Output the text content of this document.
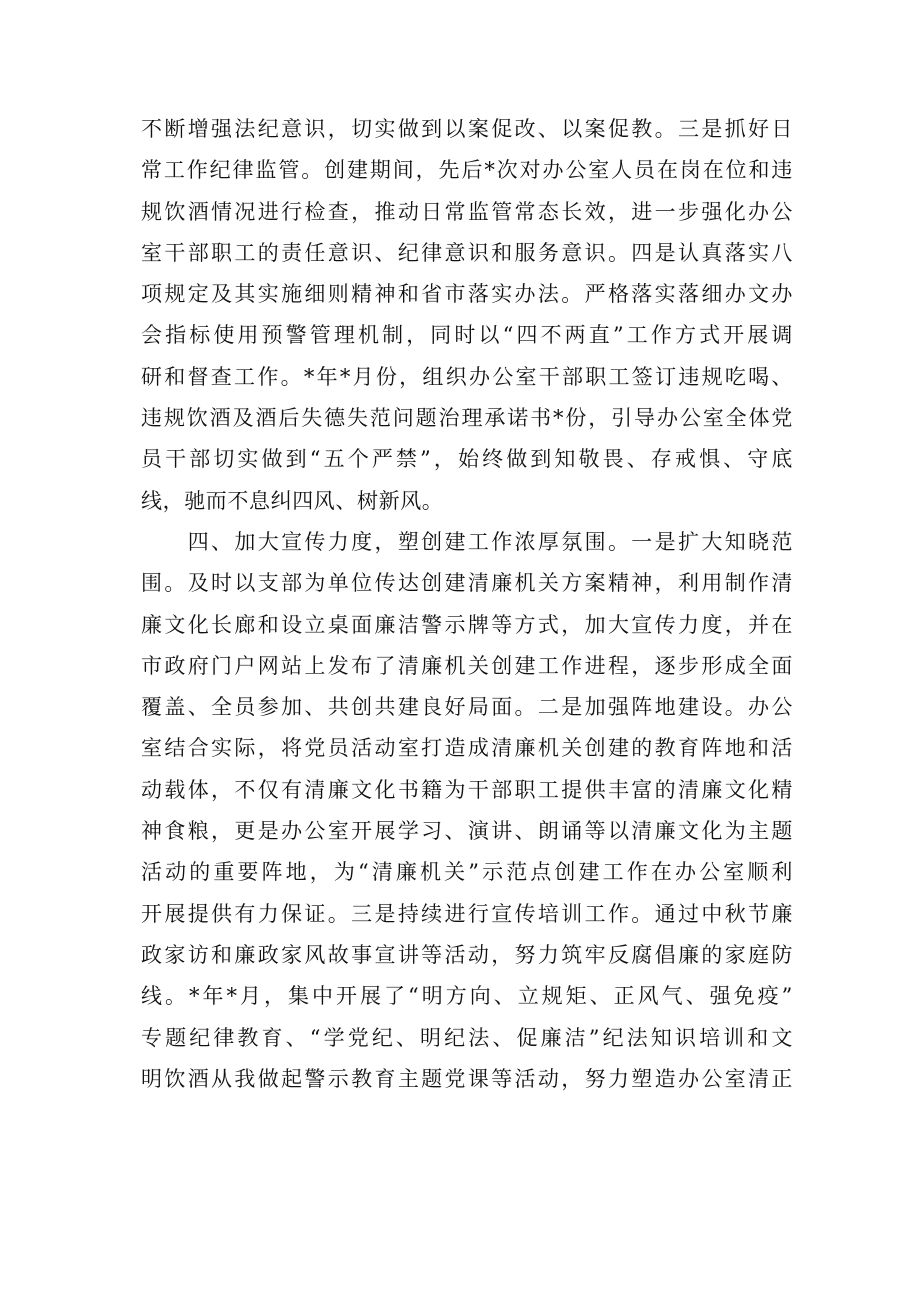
不断增强法纪意识，切实做到以案促改、以案促教。三是抓好日
常工作纪律监管。创建期间，先后*次对办公室人员在岗在位和违
规饮酒情况进行检查，推动日常监管常态长效，进一步强化办公
室干部职工的责任意识、纪律意识和服务意识。四是认真落实八
项规定及其实施细则精神和省市落实办法。严格落实落细办文办
会指标使用预警管理机制，同时以“四不两直”工作方式开展调
研和督查工作。*年*月份，组织办公室干部职工签订违规吃喝、
违规饮酒及酒后失德失范问题治理承诺书*份，引导办公室全体党
员干部切实做到“五个严禁”，始终做到知敬畏、存戒惧、守底
线，驰而不息纠四风、树新风。
　　四、加大宣传力度，塑创建工作浓厚氛围。一是扩大知晓范
围。及时以支部为单位传达创建清廉机关方案精神，利用制作清
廉文化长廊和设立桌面廉洁警示牌等方式，加大宣传力度，并在
市政府门户网站上发布了清廉机关创建工作进程，逐步形成全面
覆盖、全员参加、共创共建良好局面。二是加强阵地建设。办公
室结合实际，将党员活动室打造成清廉机关创建的教育阵地和活
动载体，不仅有清廉文化书籍为干部职工提供丰富的清廉文化精
神食粮，更是办公室开展学习、演讲、朗诵等以清廉文化为主题
活动的重要阵地，为“清廉机关”示范点创建工作在办公室顺利
开展提供有力保证。三是持续进行宣传培训工作。通过中秋节廉
政家访和廉政家风故事宣讲等活动，努力筑牢反腐倡廉的家庭防
线。*年*月，集中开展了“明方向、立规矩、正风气、强免疫”
专题纪律教育、“学党纪、明纪法、促廉洁”纪法知识培训和文
明饮酒从我做起警示教育主题党课等活动，努力塑造办公室清正
